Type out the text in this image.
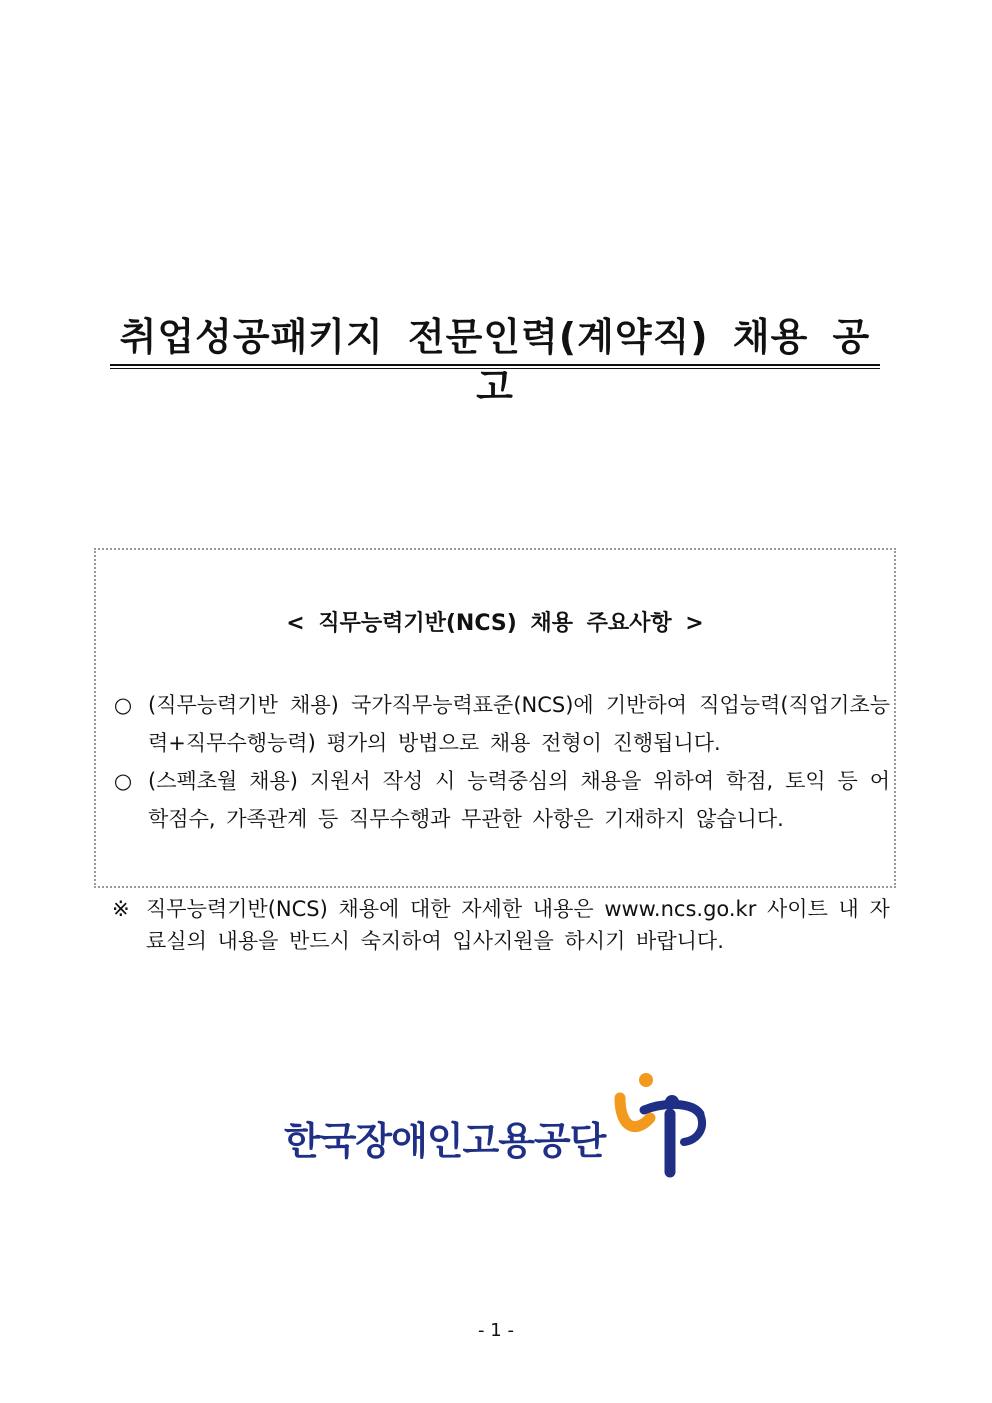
취업성공패키지 전문인력(계약직) 채용 공고
< 직무능력기반(NCS) 채용 주요사항 >
○ (직무능력기반 채용) 국가직무능력표준(NCS)에 기반하여 직업능력(직업기초능력+직무수행능력) 평가의 방법으로 채용 전형이 진행됩니다.
○ (스펙초월 채용) 지원서 작성 시 능력중심의 채용을 위하여 학점, 토익 등 어학점수, 가족관계 등 직무수행과 무관한 사항은 기재하지 않습니다.
※ 직무능력기반(NCS) 채용에 대한 자세한 내용은 www.ncs.go.kr 사이트 내 자료실의 내용을 반드시 숙지하여 입사지원을 하시기 바랍니다.
한국장애인고용공단
- 1 -
